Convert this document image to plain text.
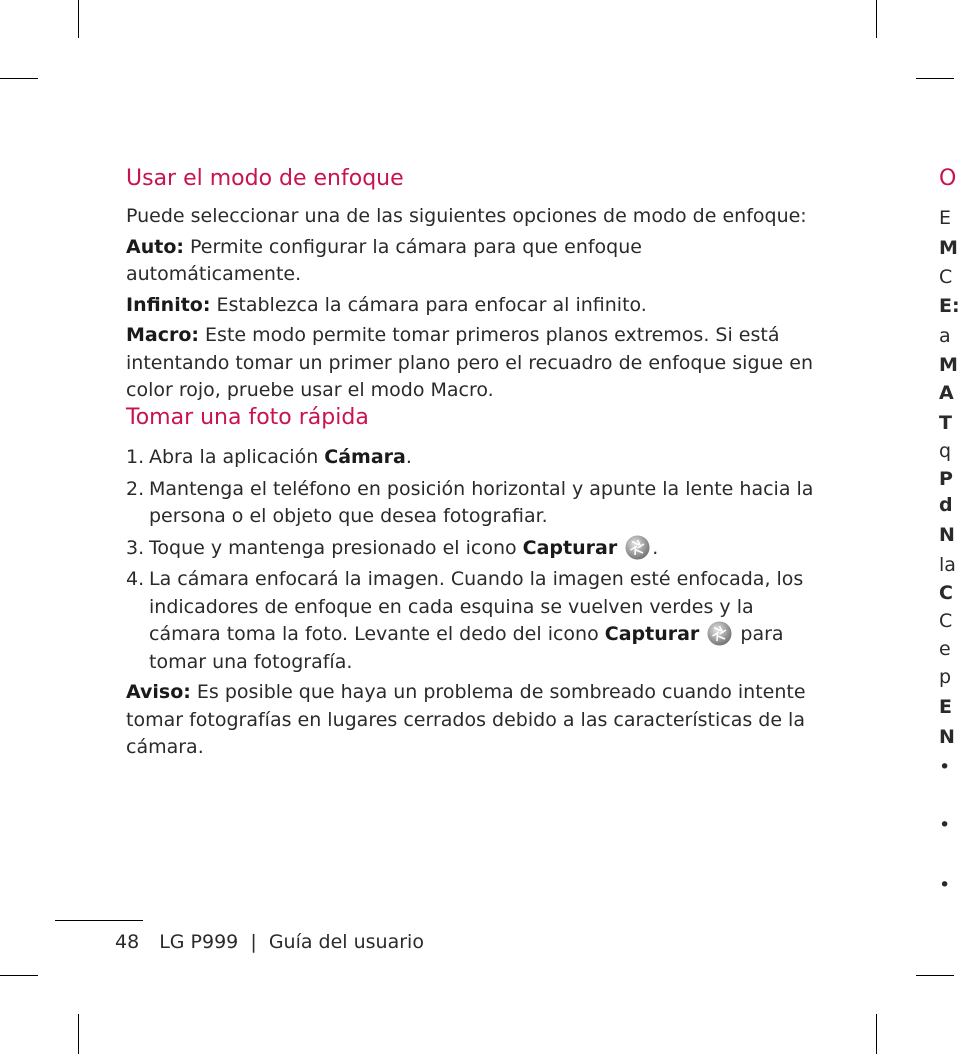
Usar el modo de enfoque

Puede seleccionar una de las siguientes opciones de modo de enfoque:

Auto: Permite configurar la cámara para que enfoque automáticamente.

Infinito: Establezca la cámara para enfocar al infinito.

Macro: Este modo permite tomar primeros planos extremos. Si está intentando tomar un primer plano pero el recuadro de enfoque sigue en color rojo, pruebe usar el modo Macro.

Tomar una foto rápida
1. Abra la aplicación Cámara.
2. Mantenga el teléfono en posición horizontal y apunte la lente hacia la persona o el objeto que desea fotografiar.
3. Toque y mantenga presionado el icono Capturar .
4. La cámara enfocará la imagen. Cuando la imagen esté enfocada, los indicadores de enfoque en cada esquina se vuelven verdes y la cámara toma la foto. Levante el dedo del icono Capturar  para tomar una fotografía.

Aviso: Es posible que haya un problema de sombreado cuando intente tomar fotografías en lugares cerrados debido a las características de la cámara.

48 LG P999  |  Guía del usuario
O
E
M
C
E:
a
M
A
T
q
P
d
N
la
C
C
e
p
E
N
•
•
•
